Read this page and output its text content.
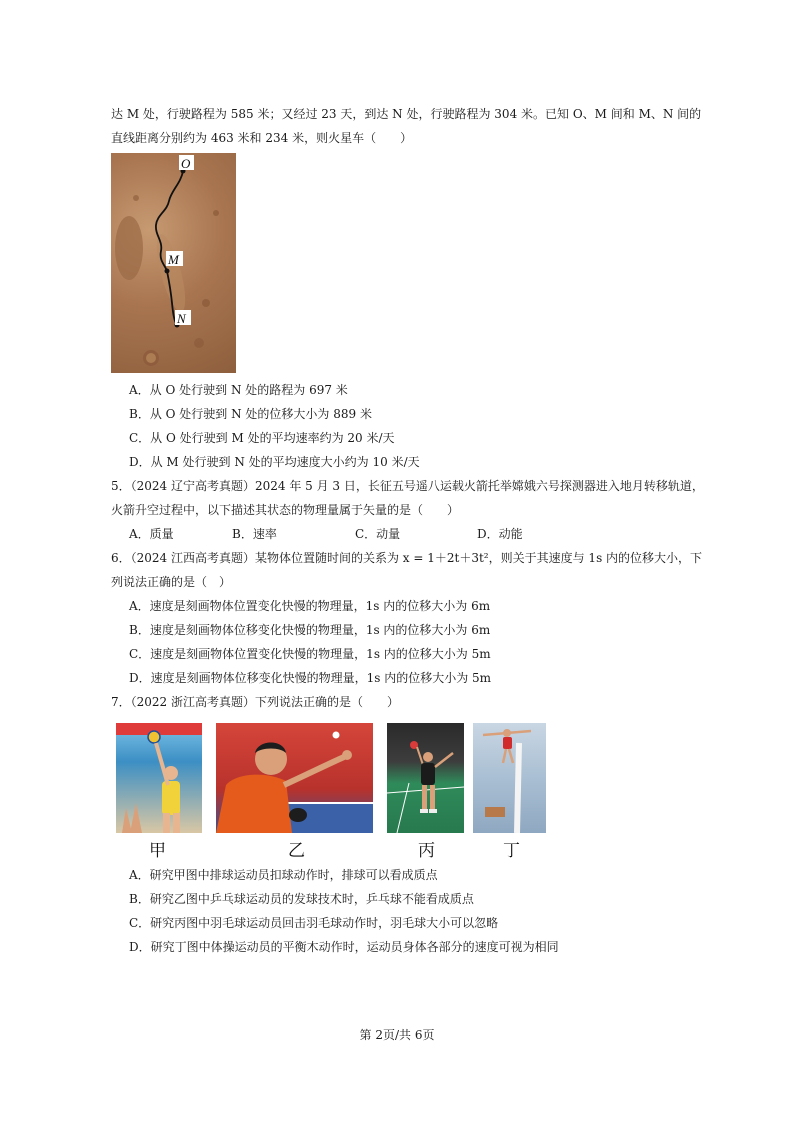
达 M 处，行驶路程为 585 米；又经过 23 天，到达 N 处，行驶路程为 304 米。已知 O、M 间和 M、N 间的
直线距离分别约为 463 米和 234 米，则火星车（　　）
O
M
N
A．从 O 处行驶到 N 处的路程为 697 米
B．从 O 处行驶到 N 处的位移大小为 889 米
C．从 O 处行驶到 M 处的平均速率约为 20 米/天
D．从 M 处行驶到 N 处的平均速度大小约为 10 米/天
5．（2024 辽宁高考真题）2024 年 5 月 3 日，长征五号遥八运载火箭托举嫦娥六号探测器进入地月转移轨道，
火箭升空过程中，以下描述其状态的物理量属于矢量的是（　　）
A．质量	B．速率	C．动量	D．动能
6．（2024 江西高考真题）某物体位置随时间的关系为 x = 1＋2t＋3t²，则关于其速度与 1s 内的位移大小，下
列说法正确的是（　）
A．速度是刻画物体位置变化快慢的物理量，1s 内的位移大小为 6m
B．速度是刻画物体位移变化快慢的物理量，1s 内的位移大小为 6m
C．速度是刻画物体位置变化快慢的物理量，1s 内的位移大小为 5m
D．速度是刻画物体位移变化快慢的物理量，1s 内的位移大小为 5m
7．（2022 浙江高考真题）下列说法正确的是（　　）
甲	乙	丙	丁
A．研究甲图中排球运动员扣球动作时，排球可以看成质点
B．研究乙图中乒乓球运动员的发球技术时，乒乓球不能看成质点
C．研究丙图中羽毛球运动员回击羽毛球动作时，羽毛球大小可以忽略
D．研究丁图中体操运动员的平衡木动作时，运动员身体各部分的速度可视为相同
第 2页/共 6页
